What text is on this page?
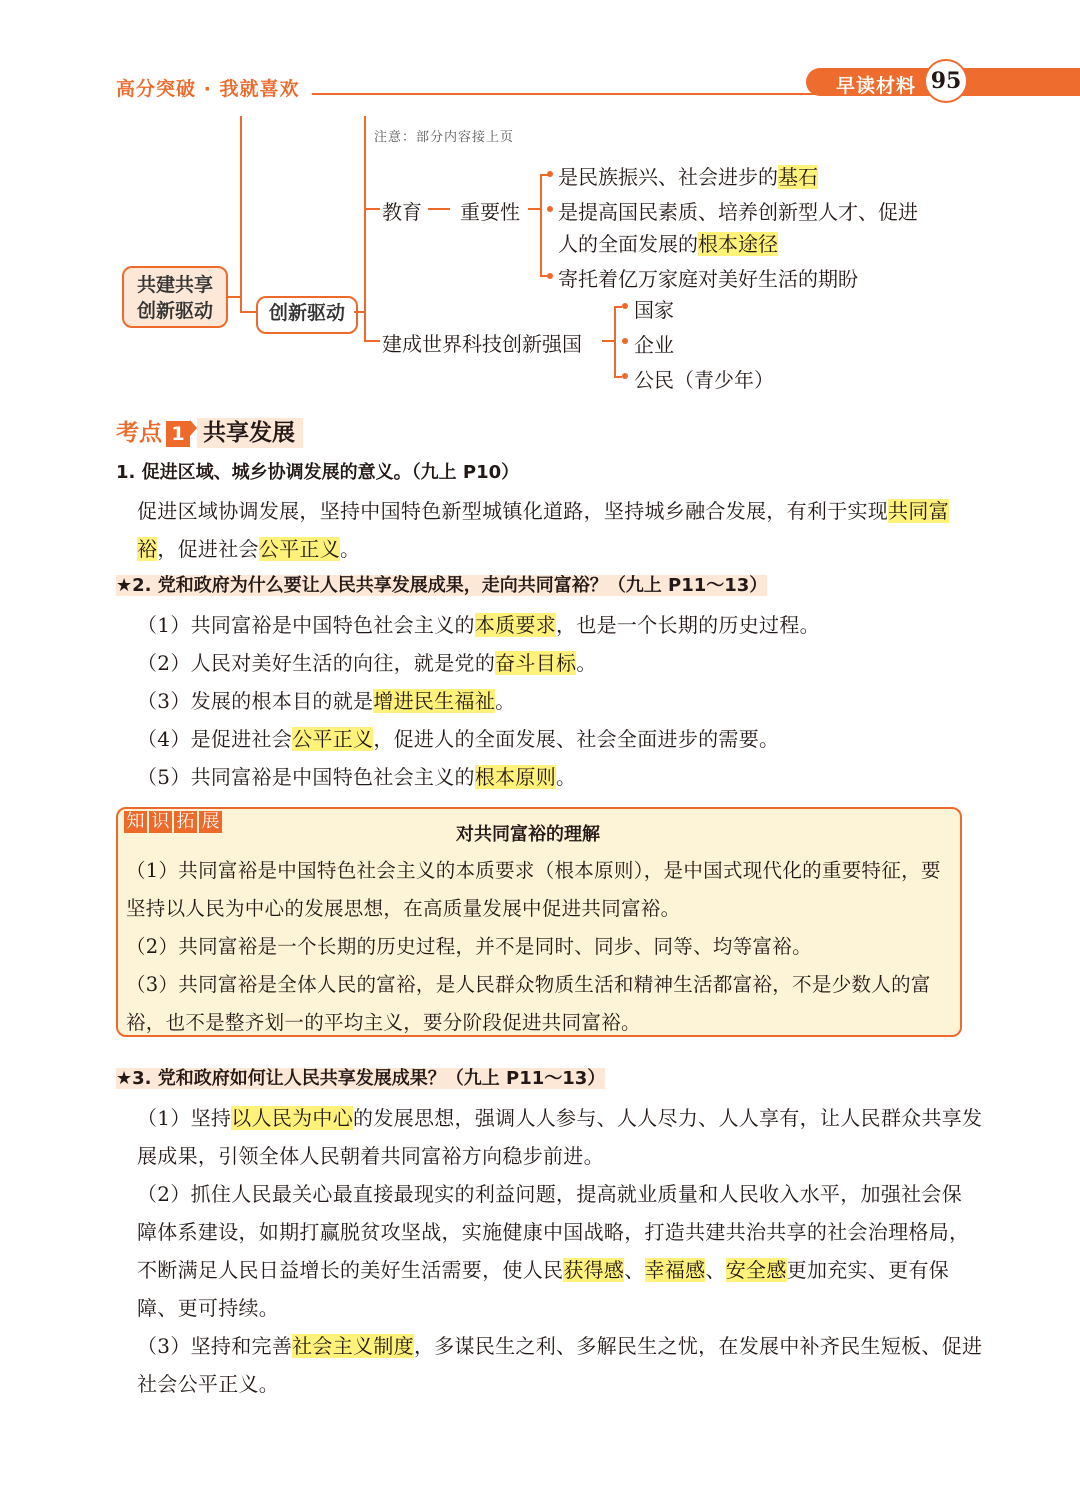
高分突破 · 我就喜欢	早读材料 95
共建共享
创新驱动	创新驱动
注意：部分内容接上页
教育 重要性
是民族振兴、社会进步的基石
是提高国民素质、培养创新型人才、促进
人的全面发展的根本途径
寄托着亿万家庭对美好生活的期盼
建成世界科技创新强国
国家
企业
公民（青少年）
考点 1 共享发展
1. 促进区域、城乡协调发展的意义。（九上 P10）
促进区域协调发展，坚持中国特色新型城镇化道路，坚持城乡融合发展，有利于实现共同富
裕，促进社会公平正义。
★2. 党和政府为什么要让人民共享发展成果，走向共同富裕？（九上 P11～13）
（1）共同富裕是中国特色社会主义的本质要求，也是一个长期的历史过程。
（2）人民对美好生活的向往，就是党的奋斗目标。
（3）发展的根本目的就是增进民生福祉。
（4）是促进社会公平正义，促进人的全面发展、社会全面进步的需要。
（5）共同富裕是中国特色社会主义的根本原则。
知 识 拓 展
对共同富裕的理解
（1）共同富裕是中国特色社会主义的本质要求（根本原则），是中国式现代化的重要特征，要
坚持以人民为中心的发展思想，在高质量发展中促进共同富裕。
（2）共同富裕是一个长期的历史过程，并不是同时、同步、同等、均等富裕。
（3）共同富裕是全体人民的富裕，是人民群众物质生活和精神生活都富裕，不是少数人的富
裕，也不是整齐划一的平均主义，要分阶段促进共同富裕。
★3. 党和政府如何让人民共享发展成果？（九上 P11～13）
（1）坚持以人民为中心的发展思想，强调人人参与、人人尽力、人人享有，让人民群众共享发
展成果，引领全体人民朝着共同富裕方向稳步前进。
（2）抓住人民最关心最直接最现实的利益问题，提高就业质量和人民收入水平，加强社会保
障体系建设，如期打赢脱贫攻坚战，实施健康中国战略，打造共建共治共享的社会治理格局，
不断满足人民日益增长的美好生活需要，使人民获得感、幸福感、安全感更加充实、更有保
障、更可持续。
（3）坚持和完善社会主义制度，多谋民生之利、多解民生之忧，在发展中补齐民生短板、促进
社会公平正义。
